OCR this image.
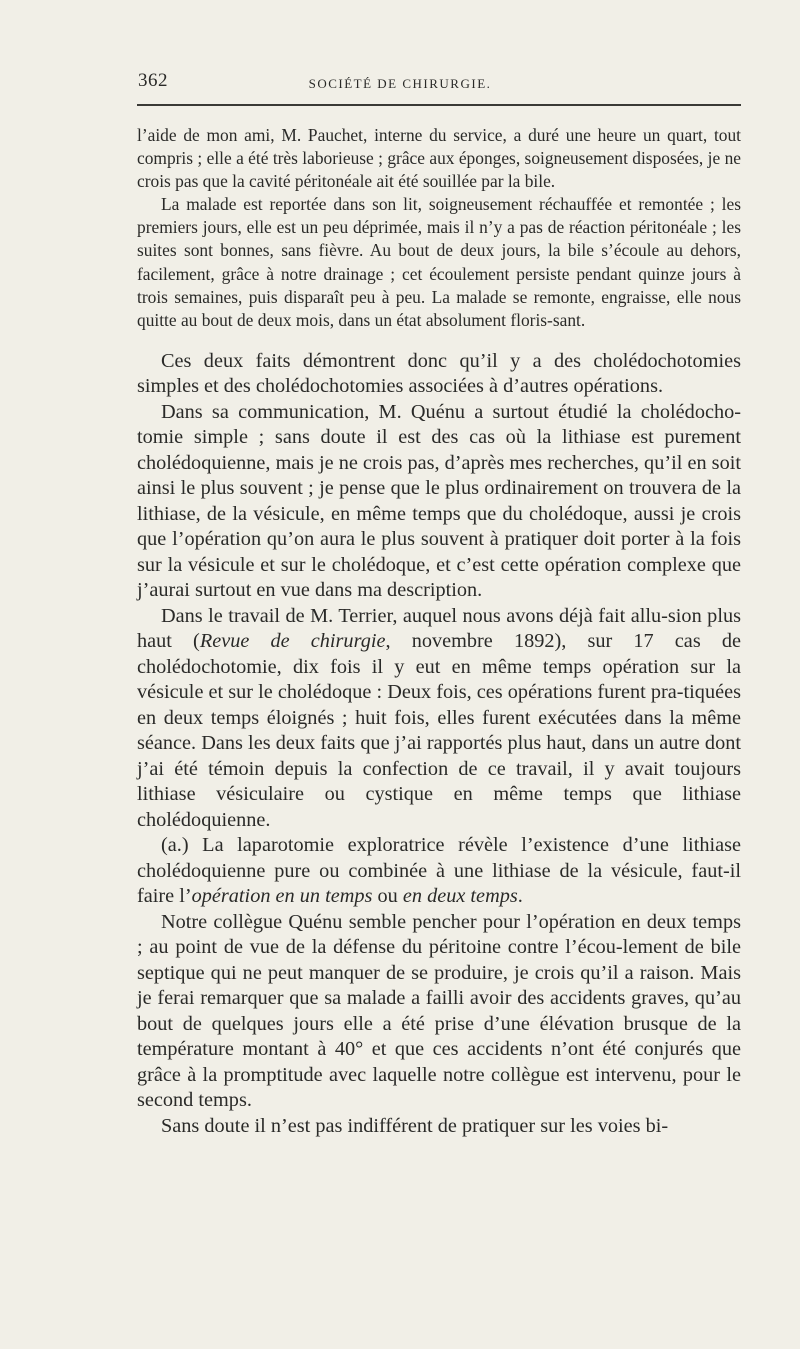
362	SOCIÉTÉ DE CHIRURGIE.

l’aide de mon ami, M. Pauchet, interne du service, a duré une heure un quart, tout compris ; elle a été très laborieuse ; grâce aux éponges, soigneusement disposées, je ne crois pas que la cavité péritonéale ait été souillée par la bile.

La malade est reportée dans son lit, soigneusement réchauffée et remontée ; les premiers jours, elle est un peu déprimée, mais il n’y a pas de réaction péritonéale ; les suites sont bonnes, sans fièvre. Au bout de deux jours, la bile s’écoule au dehors, facilement, grâce à notre drainage ; cet écoulement persiste pendant quinze jours à trois semaines, puis disparaît peu à peu. La malade se remonte, engraisse, elle nous quitte au bout de deux mois, dans un état absolument floris-sant.

Ces deux faits démontrent donc qu’il y a des cholédochotomies simples et des cholédochotomies associées à d’autres opérations.

Dans sa communication, M. Quénu a surtout étudié la cholédocho-tomie simple ; sans doute il est des cas où la lithiase est purement cholédoquienne, mais je ne crois pas, d’après mes recherches, qu’il en soit ainsi le plus souvent ; je pense que le plus ordinairement on trouvera de la lithiase, de la vésicule, en même temps que du cholédoque, aussi je crois que l’opération qu’on aura le plus souvent à pratiquer doit porter à la fois sur la vésicule et sur le cholédoque, et c’est cette opération complexe que j’aurai surtout en vue dans ma description.

Dans le travail de M. Terrier, auquel nous avons déjà fait allu-sion plus haut (Revue de chirurgie, novembre 1892), sur 17 cas de cholédochotomie, dix fois il y eut en même temps opération sur la vésicule et sur le cholédoque : Deux fois, ces opérations furent pra-tiquées en deux temps éloignés ; huit fois, elles furent exécutées dans la même séance. Dans les deux faits que j’ai rapportés plus haut, dans un autre dont j’ai été témoin depuis la confection de ce travail, il y avait toujours lithiase vésiculaire ou cystique en même temps que lithiase cholédoquienne.

(a.) La laparotomie exploratrice révèle l’existence d’une lithiase cholédoquienne pure ou combinée à une lithiase de la vésicule, faut-il faire l’opération en un temps ou en deux temps.

Notre collègue Quénu semble pencher pour l’opération en deux temps ; au point de vue de la défense du péritoine contre l’écou-lement de bile septique qui ne peut manquer de se produire, je crois qu’il a raison. Mais je ferai remarquer que sa malade a failli avoir des accidents graves, qu’au bout de quelques jours elle a été prise d’une élévation brusque de la température montant à 40° et que ces accidents n’ont été conjurés que grâce à la promptitude avec laquelle notre collègue est intervenu, pour le second temps.

Sans doute il n’est pas indifférent de pratiquer sur les voies bi-
